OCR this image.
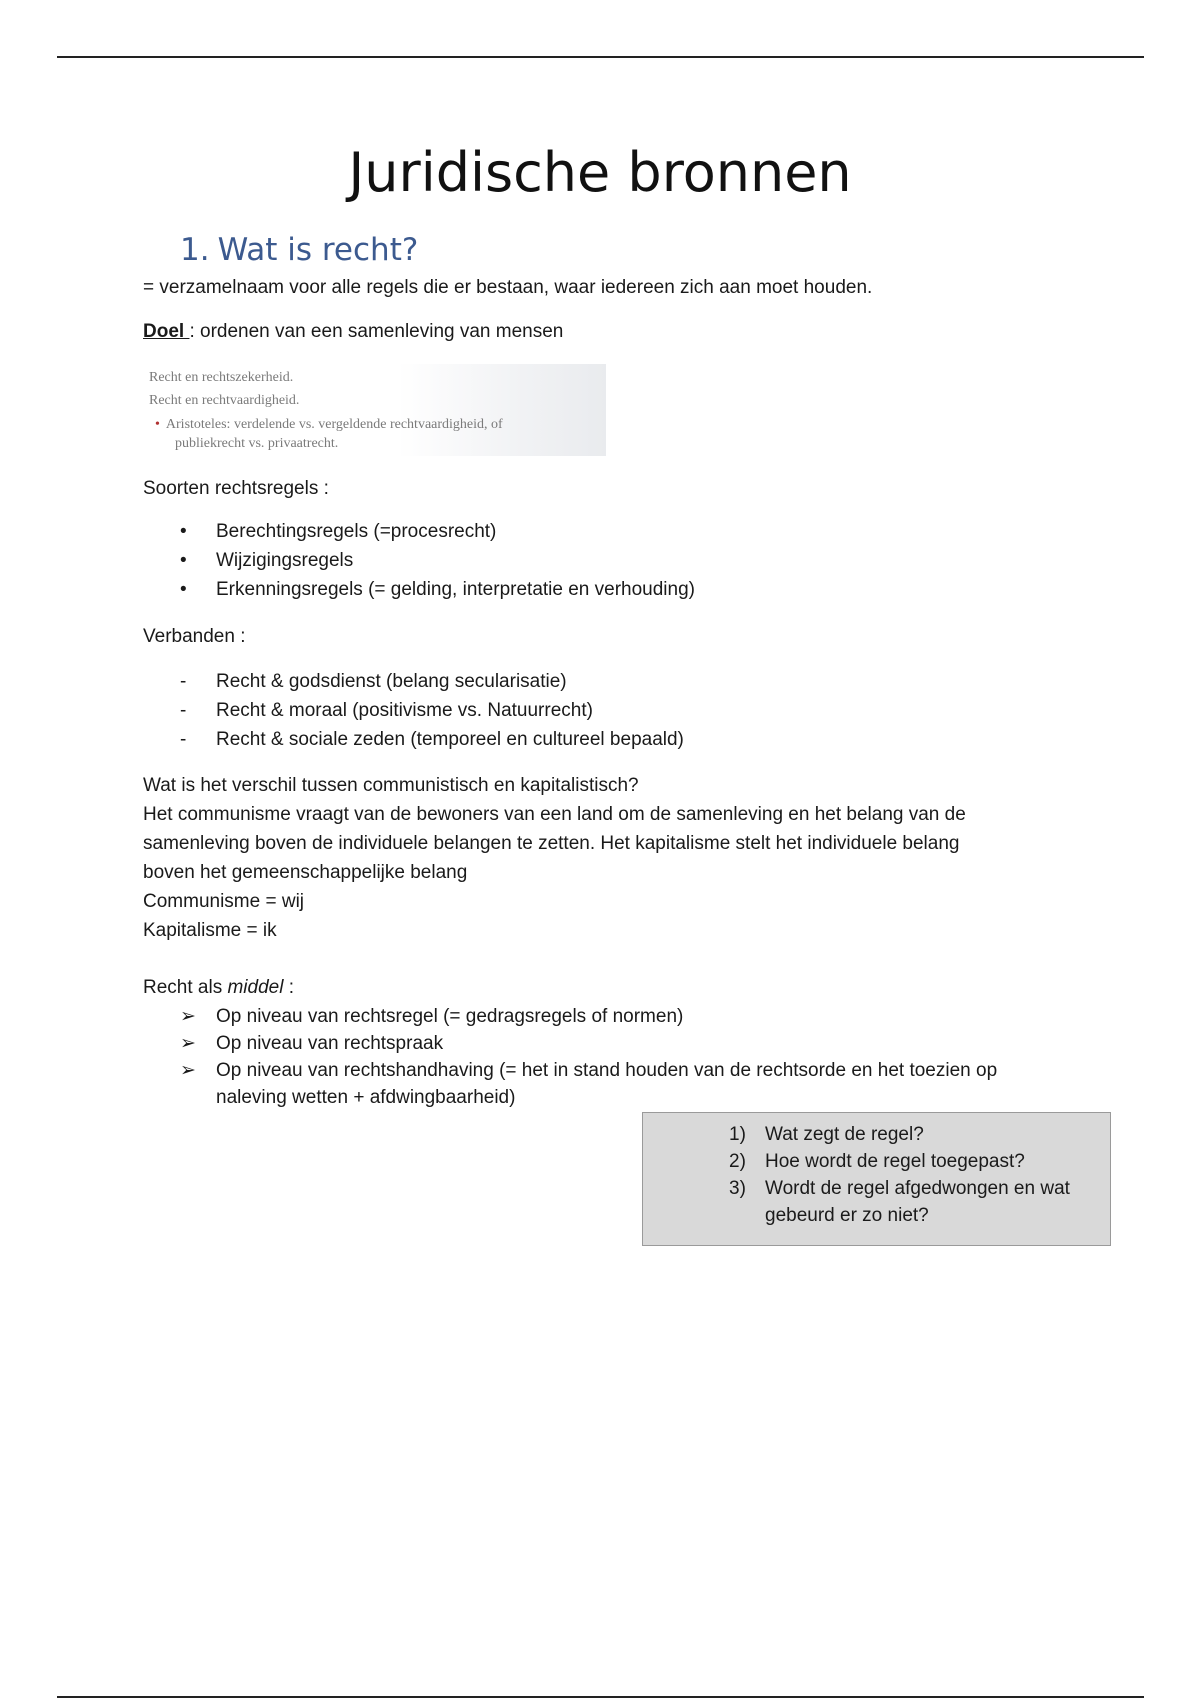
Juridische bronnen
1. Wat is recht?
= verzamelnaam voor alle regels die er bestaan, waar iedereen zich aan moet houden.
Doel : ordenen van een samenleving van mensen
Recht en rechtszekerheid.
Recht en rechtvaardigheid.
• Aristoteles: verdelende vs. vergeldende rechtvaardigheid, of
publiekrecht vs. privaatrecht.
Soorten rechtsregels :
• Berechtingsregels (=procesrecht)
• Wijzigingsregels
• Erkenningsregels (= gelding, interpretatie en verhouding)
Verbanden :
- Recht & godsdienst (belang secularisatie)
- Recht & moraal (positivisme vs. Natuurrecht)
- Recht & sociale zeden (temporeel en cultureel bepaald)
Wat is het verschil tussen communistisch en kapitalistisch?
Het communisme vraagt van de bewoners van een land om de samenleving en het belang van de
samenleving boven de individuele belangen te zetten. Het kapitalisme stelt het individuele belang
boven het gemeenschappelijke belang
Communisme = wij
Kapitalisme = ik
Recht als middel :
➢ Op niveau van rechtsregel (= gedragsregels of normen)
➢ Op niveau van rechtspraak
➢ Op niveau van rechtshandhaving (= het in stand houden van de rechtsorde en het toezien op
naleving wetten + afdwingbaarheid)
1) Wat zegt de regel?
2) Hoe wordt de regel toegepast?
3) Wordt de regel afgedwongen en wat
gebeurd er zo niet?
